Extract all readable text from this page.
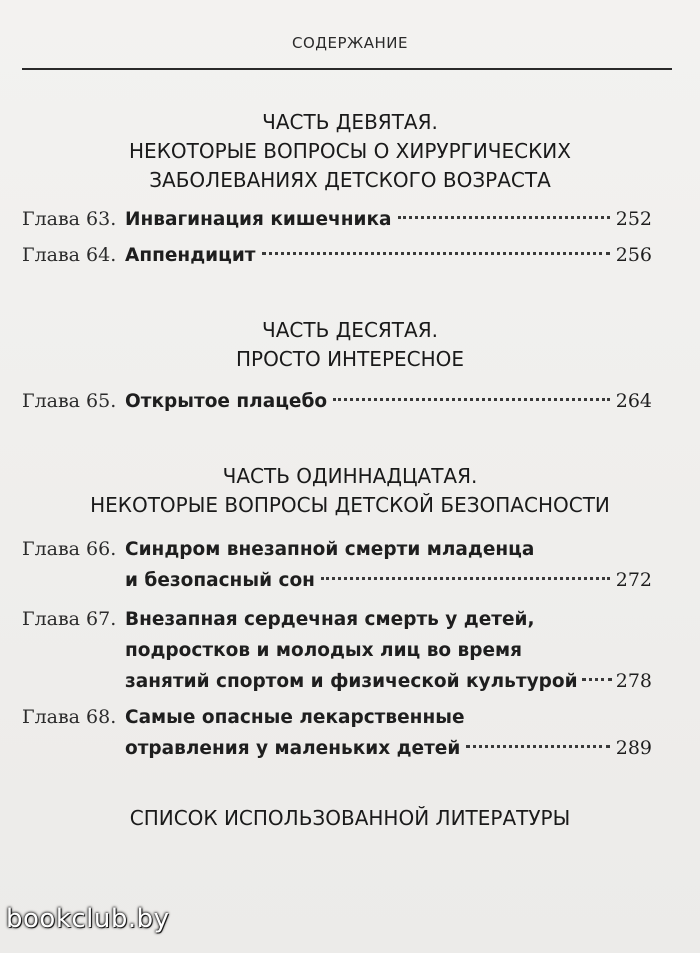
СОДЕРЖАНИЕ
ЧАСТЬ ДЕВЯТАЯ.
НЕКОТОРЫЕ ВОПРОСЫ О ХИРУРГИЧЕСКИХ
ЗАБОЛЕВАНИЯХ ДЕТСКОГО ВОЗРАСТА
Глава 63. Инвагинация кишечника	252
Глава 64. Аппендицит	256
ЧАСТЬ ДЕСЯТАЯ.
ПРОСТО ИНТЕРЕСНОЕ
Глава 65. Открытое плацебо	264
ЧАСТЬ ОДИННАДЦАТАЯ.
НЕКОТОРЫЕ ВОПРОСЫ ДЕТСКОЙ БЕЗОПАСНОСТИ
Глава 66. Синдром внезапной смерти младенца
и безопасный сон	272
Глава 67. Внезапная сердечная смерть у детей,
подростков и молодых лиц во время
занятий спортом и физической культурой 278
Глава 68. Самые опасные лекарственные
отравления у маленьких детей	289
СПИСОК ИСПОЛЬЗОВАННОЙ ЛИТЕРАТУРЫ
bookclub.by
